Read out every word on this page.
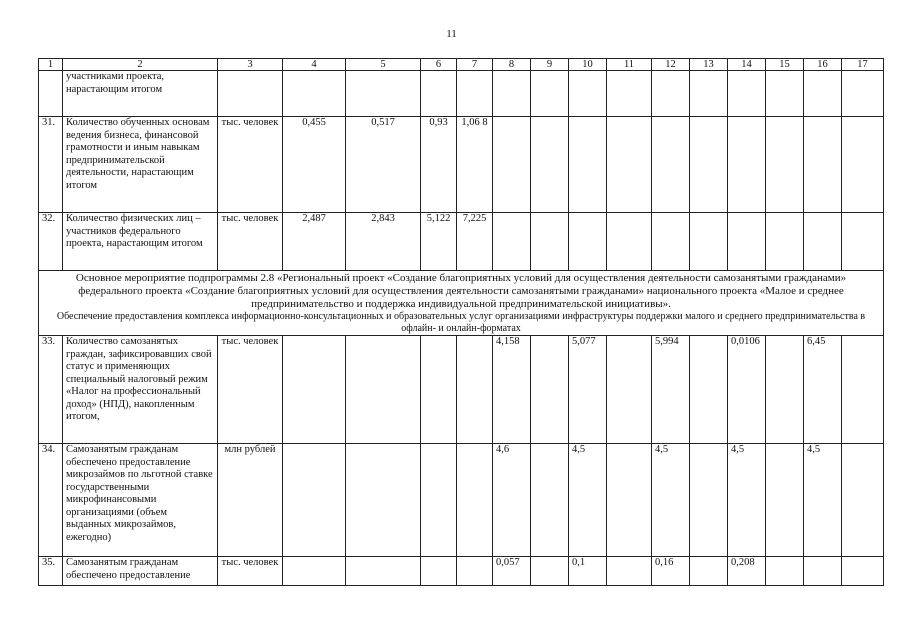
11
1	2	3	4	5	6	7	8	9	10	11	12	13	14	15	16	17
	участниками проекта, нарастающим итогом															
31.	Количество обученных основам ведения бизнеса, финансовой грамотности и иным навыкам предпринимательской деятельности, нарастающим итогом	тыс. человек	0,455	0,517	0,93	1,06 8										
32.	Количество физических лиц – участников федерального проекта, нарастающим итогом	тыс. человек	2,487	2,843	5,122	7,225										

Основное мероприятие подпрограммы 2.8 «Региональный проект «Создание благоприятных условий для осуществления деятельности самозанятыми гражданами» федерального проекта «Создание благоприятных условий для осуществления деятельности самозанятыми гражданами» национального проекта «Малое и среднее предпринимательство и поддержка индивидуальной предпринимательской инициативы».
Обеспечение предоставления комплекса информационно-консультационных и образовательных услуг организациями инфраструктуры поддержки малого и среднего предпринимательства в офлайн- и онлайн-форматах																

33.	Количество самозанятых граждан, зафиксировавших свой статус и применяющих специальный налоговый режим «Налог на профессиональный доход» (НПД), накопленным итогом,	тыс. человек					4,158		5,077		5,994		0,0106		6,45	
34.	Самозанятым гражданам обеспечено предоставление микрозаймов по льготной ставке государственными микрофинансовыми организациями (объем выданных микрозаймов, ежегодно)	млн рублей					4,6		4,5		4,5		4,5		4,5	
35.	Самозанятым гражданам обеспечено предоставление	тыс. человек					0,057		0,1		0,16		0,208			
